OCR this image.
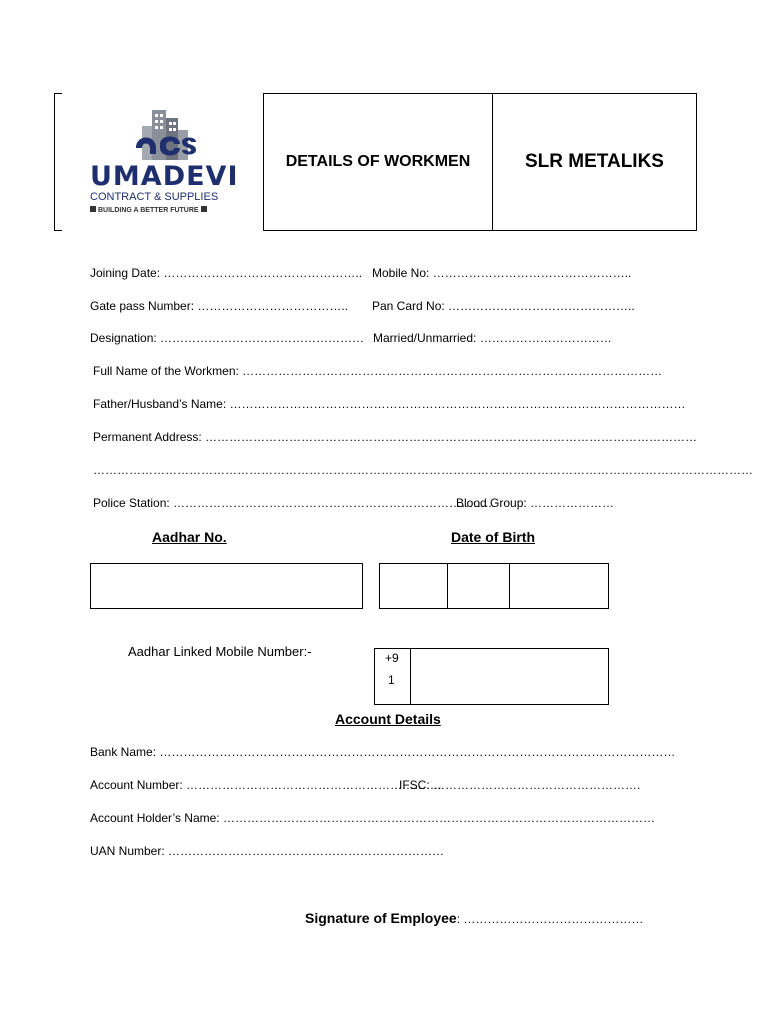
UMADEVI
CONTRACT & SUPPLIES
BUILDING A BETTER FUTURE
DETAILS OF WORKMEN	SLR METALIKS
Joining Date: ………………………………………….. Mobile No: …………………………………………..
Gate pass Number: ……………………………….. Pan Card No: ………………………………………..
Designation: …………………………………………… Married/Unmarried: ……………………………
Full Name of the Workmen: ……………………………………………………………………………………………
Father/Husband’s Name: ……………………………………………………………………………………………………
Permanent Address: ……………………………………………………………………………………………………………
…………………………………………………………………………………………………………………………………………………
Police Station: ……………………………………………………………………..
Blood Group: …………………
Aadhar No.	Date of Birth
Aadhar Linked Mobile Number:-	+9
1
Account Details
Bank Name: …………………………………………………………………………………………………………………
Account Number: ……………………………………………………….
IFSC: …………………………………………….
Account Holder’s Name: ………………………………………………………………………………………………
UAN Number: ……………………………………………………………
Signature of Employee: ………………………………………
